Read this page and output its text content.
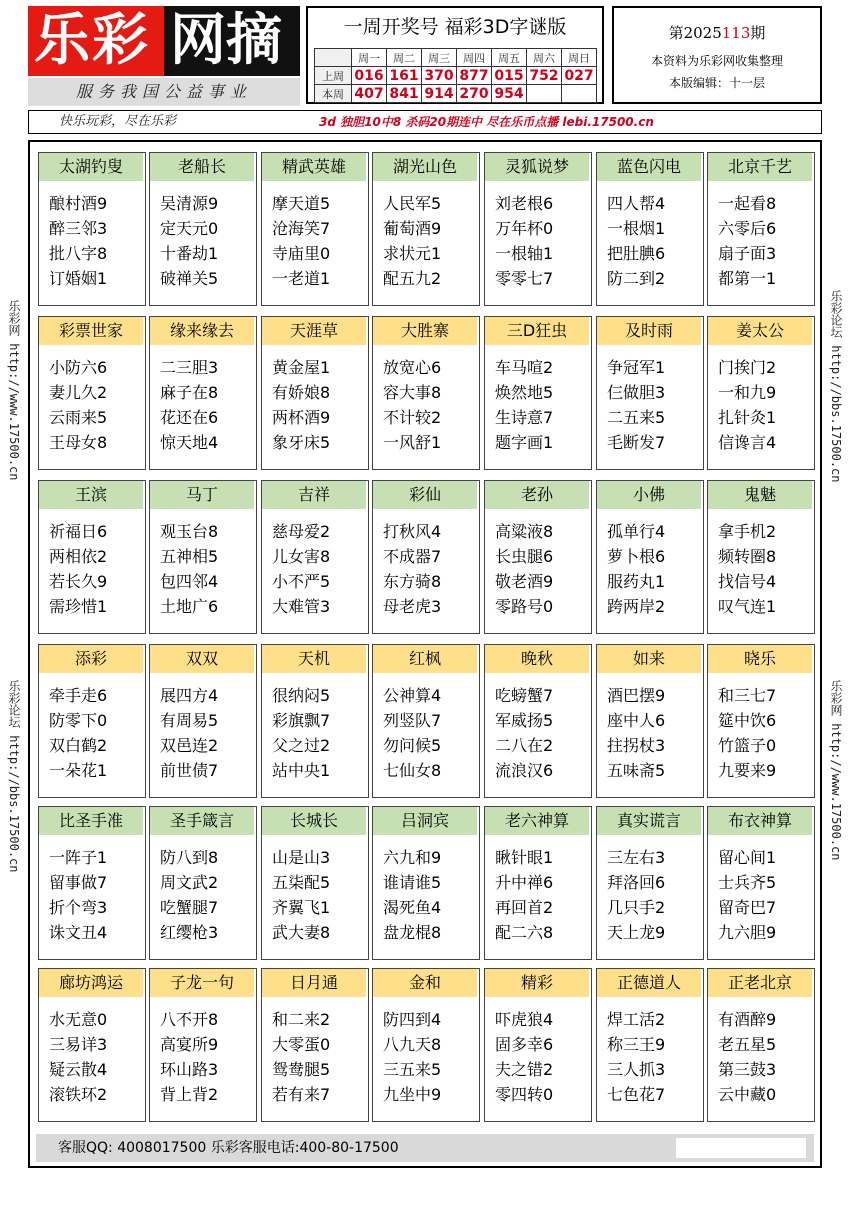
乐彩 网摘
服务我国公益事业
一周开奖号 福彩3D字谜版
	周一	周二	周三	周四	周五	周六	周日
上周	016	161	370	877	015	752	027
本周	407	841	914	270	954		
第2025113期
本资料为乐彩网收集整理
本版编辑：十一层
快乐玩彩，尽在乐彩	3d 独胆10中8 杀码20期连中 尽在乐币点播 lebi.17500.cn
乐彩网 http://www.17500.cn
乐彩论坛 http://bbs.17500.cn
乐彩论坛 http://bbs.17500.cn
乐彩网 http://www.17500.cn
太湖钓叟
酿村酒9
醉三邻3
批八字8
订婚姻1
老船长
吴清源9
定天元0
十番劫1
破禅关5
精武英雄
摩天道5
沧海笑7
寺庙里0
一老道1
湖光山色
人民军5
葡萄酒9
求状元1
配五九2
灵狐说梦
刘老根6
万年杯0
一根轴1
零零七7
蓝色闪电
四人帮4
一根烟1
把肚腆6
防二到2
北京千艺
一起看8
六零后6
扇子面3
都第一1
彩票世家
小防六6
妻儿久2
云雨来5
王母女8
缘来缘去
二三胆3
麻子在8
花还在6
惊天地4
天涯草
黄金屋1
有娇娘8
两杯酒9
象牙床5
大胜寨
放宽心6
容大事8
不计较2
一风舒1
三D狂虫
车马喧2
焕然地5
生诗意7
题字画1
及时雨
争冠军1
仨做胆3
二五来5
毛断发7
姜太公
门挨门2
一和九9
扎针灸1
信谗言4
王滨
祈福日6
两相依2
若长久9
需珍惜1
马丁
观玉台8
五神相5
包四邻4
土地广6
吉祥
慈母爱2
儿女害8
小不严5
大难管3
彩仙
打秋风4
不成器7
东方骑8
母老虎3
老孙
高粱液8
长虫腿6
敬老酒9
零路号0
小佛
孤单行4
萝卜根6
服药丸1
跨两岸2
鬼魅
拿手机2
频转圈8
找信号4
叹气连1
添彩
牵手走6
防零下0
双白鹤2
一朵花1
双双
展四方4
有周易5
双邑连2
前世债7
天机
很纳闷5
彩旗飘7
父之过2
站中央1
红枫
公神算4
列竖队7
勿问候5
七仙女8
晚秋
吃螃蟹7
军威扬5
二八在2
流浪汉6
如来
酒巴摆9
座中人6
拄拐杖3
五味斋5
晓乐
和三七7
筵中饮6
竹篮子0
九要来9
比圣手准
一阵子1
留事做7
折个弯3
诛文丑4
圣手箴言
防八到8
周文武2
吃蟹腿7
红缨枪3
长城长
山是山3
五柒配5
齐翼飞1
武大妻8
吕洞宾
六九和9
谁请谁5
渴死鱼4
盘龙棍8
老六神算
瞅针眼1
升中禅6
再回首2
配二六8
真实谎言
三左右3
拜洛回6
几只手2
天上龙9
布衣神算
留心间1
士兵齐5
留奇巴7
九六胆9
廊坊鸿运
水无意0
三易详3
疑云散4
滚铁环2
子龙一句
八不开8
高宴所9
环山路3
背上背2
日月通
和二来2
大零蛋0
鸳鸯腿5
若有来7
金和
防四到4
八九天8
三五来5
九坐中9
精彩
吓虎狼4
固多幸6
夫之错2
零四转0
正德道人
焊工活2
称三王9
三人抓3
七色花7
正老北京
有酒醉9
老五星5
第三鼓3
云中藏0
客服QQ: 4008017500 乐彩客服电话:400-80-17500
